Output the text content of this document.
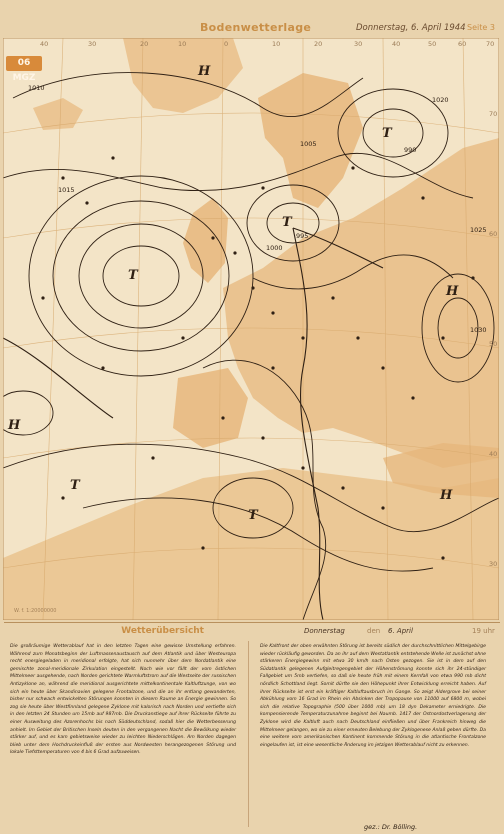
Bodenwetterlage	Donnerstag, 6. April 1944 Seite 3
06 MGZ	H
H
T
T
T
H
H
T
T
40	30	20	10	0	10	20	30	40	50	60	70
70
60
50
40
30
1010
1015
1020
1025
1005
1000
995
990
1030
W. f. 1:20000000
Wetterübersicht	Donnerstag	den 6. April	19 uhr
Die großräumige Wetterablauf hat in den letzten Tagen eine gewisse Umstellung erfahren. Während zum Monatsbeginn der Luftmassenaustausch auf dem Atlantik und über Westeuropa recht energiegeladen in meridional erfolgte, hat sich nunmehr über dem Nordatlantik eine gemischte zonal-meridionale Zirkulation eingestellt. Noch wie vor fällt der vom östlichen Mittelmeer ausgehende, nach Norden gerichtete Warmluftstrom auf die Westseite der russischen Antizyklone an, während die meridional ausgerichtete mittelkontinentale Kaltluftzunge, von wo sich ein heute über Skandinavien gelegene Frontalzone, und die an ihr entlang gewanderten, bisher nur schwach entwickelten Störungen konnten in diesem Raume an Energie gewinnen. So zog sie heute über Westfinnland gelegene Zyklone mit kalorisch nach Norden und vertiefte sich in den letzten 24 Stunden um 15mb auf 987mb. Die Druckanstiege auf ihrer Rückseite führte zu einer Ausweitung des Azorenhochs bis nach Süddeutschland, sodaß hier die Wetterbesserung anhielt. Im Gebiet der Britischen Inseln deuten in den vergangenen Nacht die Bewölkung wieder stärker auf, und es kam gebietsweise wieder zu leichten Niederschlägen. Am Norden dagegen blieb unter dem Hochdruckeinfluß der ersten aus Nordwesten herangezogenen Störung und lokale Tiefsttemperaturen von 4 bis 6 Grad aufzuweisen.
Die Kaltfront der oben erwähnten Störung ist bereits südlich der durchschnittlichen Mittelgebirge wieder rückläufig geworden. Da an ihr auf dem Westatlantik entstehende Welle ist zunächst ohne stärkeren Energiegewinn mit etwa 30 km/h nach Osten gezogen. Sie ist in dem auf den Südatlantik gelegenen Aufgleitregengebiet der Höhenströmung konnte sich ihr 24-stündiger Fallgebiet um 5mb vertiefen, so daß sie heute früh mit einem Kernfall von etwa 990 mb dicht nördlich Schottland liegt. Somit dürfte sie den Höhepunkt ihrer Entwicklung erreicht haben. Auf ihrer Rückseite ist erst ein kräftiger Kaltluftausbruch im Gange. So zeigt Aldergrove bei seiner Abkühlung vom 16 Grad im Rhein ein Absinken der Tropopause von 11000 auf 6800 m, wobei sich die relative Topographie (500 über 1000 mb) um 18 dyn Dekameter erniedrigte. Die kompensierende Temperaturzunahme beginnt bei Naumb. 1417 der Ostnordostverlagerung der Zyklone wird die Kaltluft auch nach Deutschland einfließen und über Frankreich hinweg die Mittelmeer gelangen, wo sie zu einer erneuten Belebung der Zyklogenese Anlaß geben dürfte. Da eine weitere vom amerikanischen Kontinent kommende Störung in die atlantische Frontalzone eingelaufen ist, ist eine wesentliche Änderung im jetzigen Wetterablauf nicht zu erkennen.
gez.: Dr. Bölling.
